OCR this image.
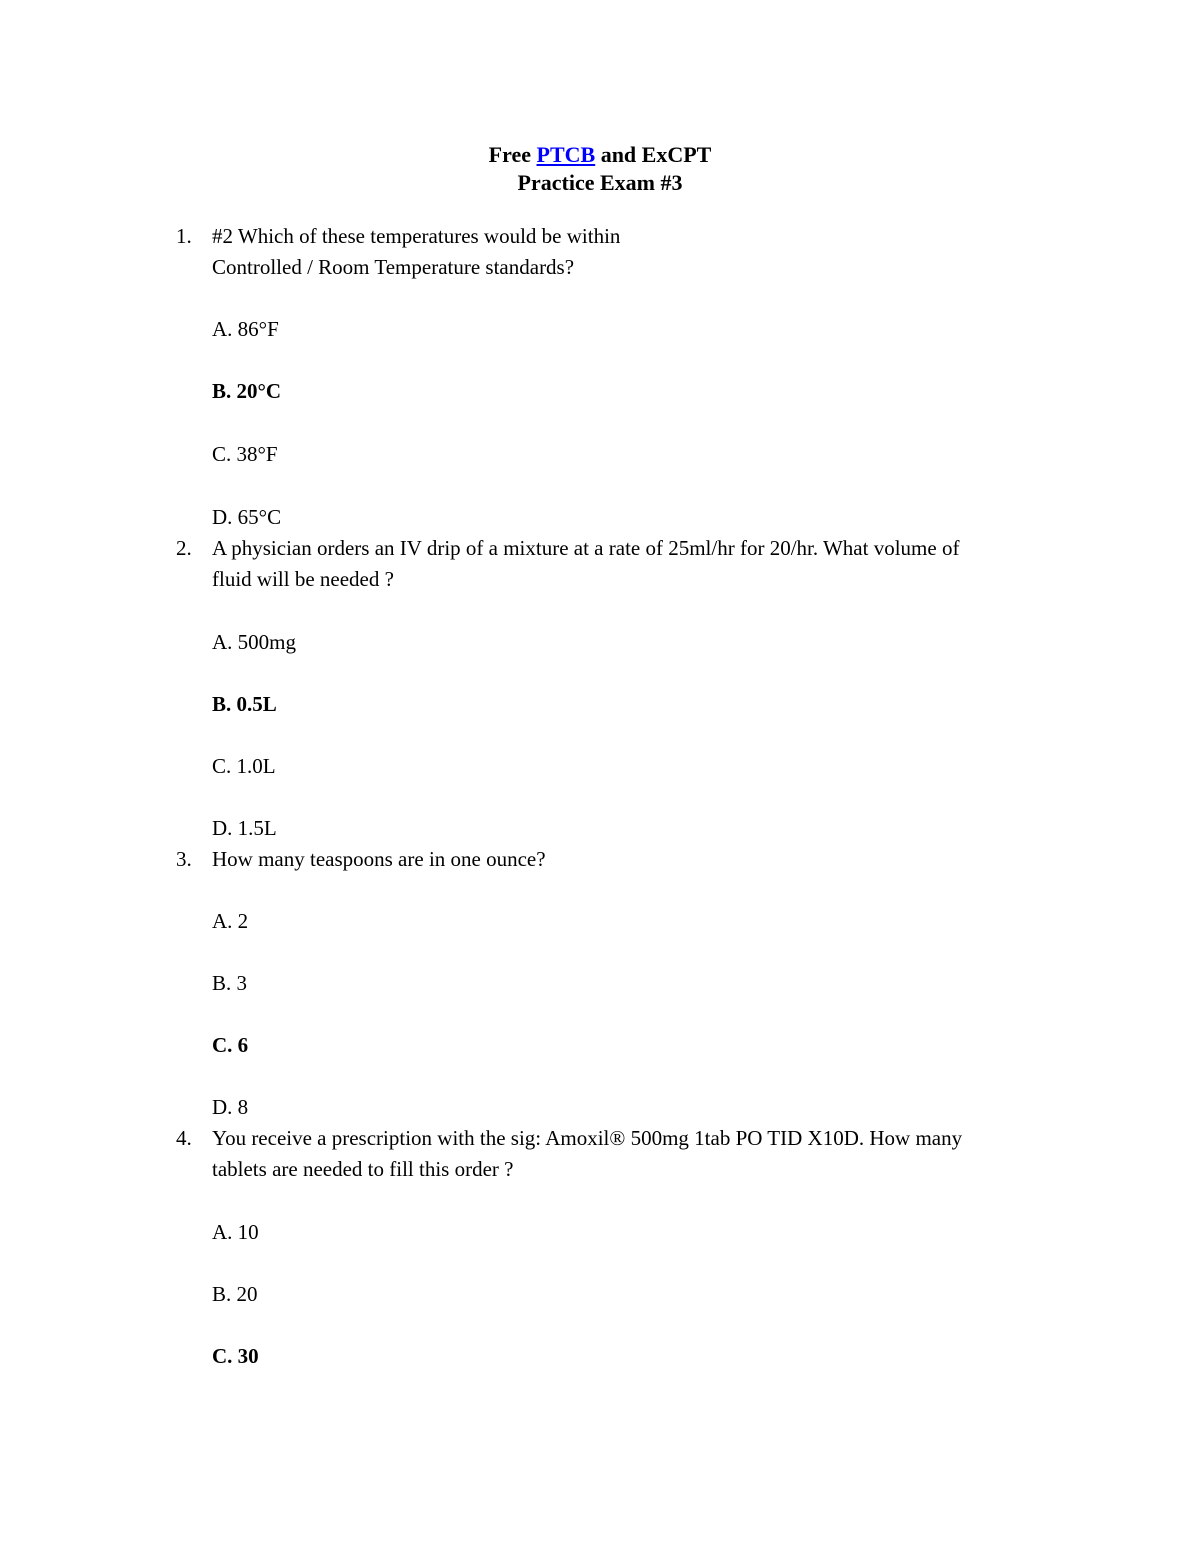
Free PTCB and ExCPT
Practice Exam #3
1. #2 Which of these temperatures would be within
Controlled / Room Temperature standards?
A. 86°F
B. 20°C
C. 38°F
D. 65°C
2. A physician orders an IV drip of a mixture at a rate of 25ml/hr for 20/hr. What volume of
fluid will be needed ?
A. 500mg
B. 0.5L
C. 1.0L
D. 1.5L
3. How many teaspoons are in one ounce?
A. 2
B. 3
C. 6
D. 8
4. You receive a prescription with the sig: Amoxil® 500mg 1tab PO TID X10D. How many
tablets are needed to fill this order ?
A. 10
B. 20
C. 30
